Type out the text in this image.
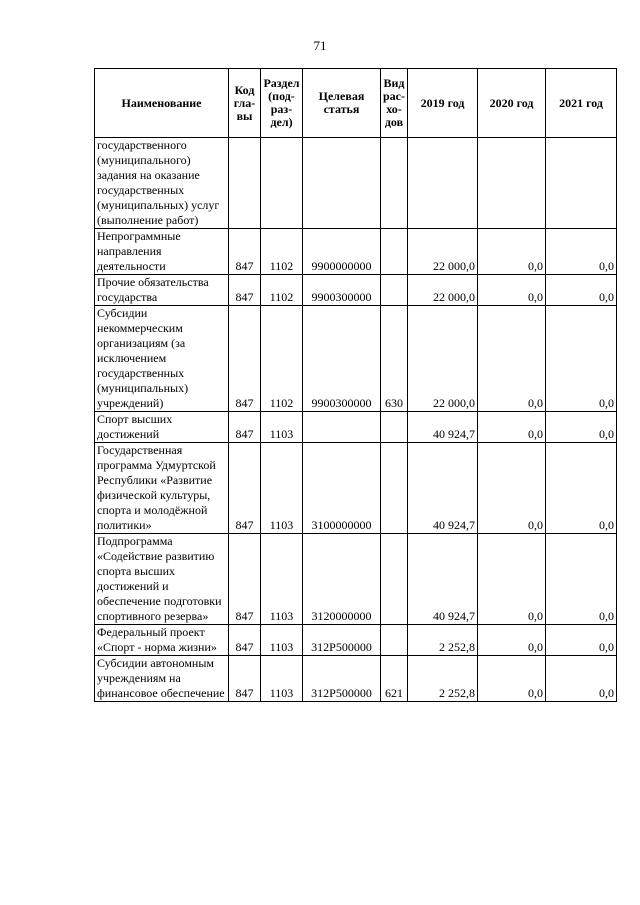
71
Наименование	Код гла-вы	Раздел (под-раз-дел)	Целевая статья	Вид рас-хо-дов	2019 год	2020 год	2021 год
государственного (муниципального) задания на оказание государственных (муниципальных) услуг (выполнение работ)							
Непрограммные направления деятельности	847	1102	9900000000		22 000,0	0,0	0,0
Прочие обязательства государства	847	1102	9900300000		22 000,0	0,0	0,0
Субсидии некоммерческим организациям (за исключением государственных (муниципальных) учреждений)	847	1102	9900300000	630	22 000,0	0,0	0,0
Спорт высших достижений	847	1103			40 924,7	0,0	0,0
Государственная программа Удмуртской Республики «Развитие физической культуры, спорта и молодёжной политики»	847	1103	3100000000		40 924,7	0,0	0,0
Подпрограмма «Содействие развитию спорта высших достижений и обеспечение подготовки спортивного резерва»	847	1103	3120000000		40 924,7	0,0	0,0
Федеральный проект «Спорт - норма жизни»	847	1103	312P500000		2 252,8	0,0	0,0
Субсидии автономным учреждениям на финансовое обеспечение	847	1103	312P500000	621	2 252,8	0,0	0,0
